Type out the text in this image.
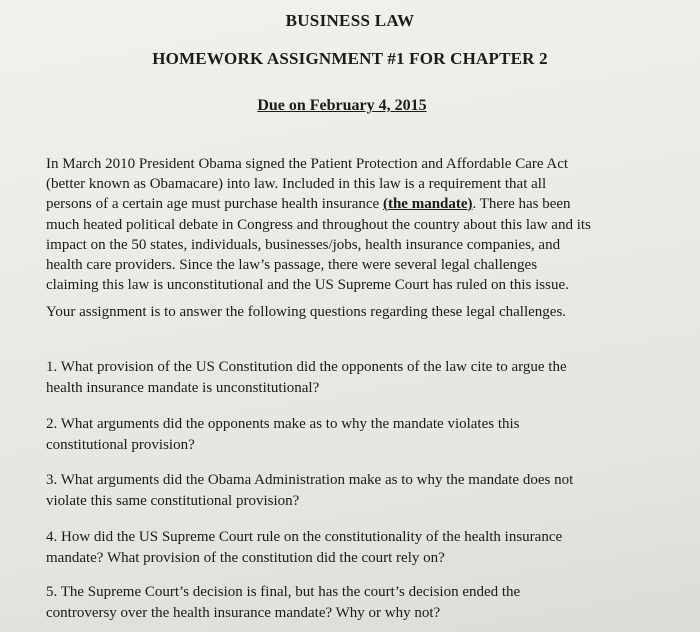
BUSINESS LAW
HOMEWORK ASSIGNMENT #1 FOR CHAPTER 2
Due on February 4, 2015
In March 2010 President Obama signed the Patient Protection and Affordable Care Act
(better known as Obamacare) into law. Included in this law is a requirement that all
persons of a certain age must purchase health insurance (the mandate). There has been
much heated political debate in Congress and throughout the country about this law and its
impact on the 50 states, individuals, businesses/jobs, health insurance companies, and
health care providers. Since the law’s passage, there were several legal challenges
claiming this law is unconstitutional and the US Supreme Court has ruled on this issue.
Your assignment is to answer the following questions regarding these legal challenges.
1. What provision of the US Constitution did the opponents of the law cite to argue the
health insurance mandate is unconstitutional?
2. What arguments did the opponents make as to why the mandate violates this
constitutional provision?
3. What arguments did the Obama Administration make as to why the mandate does not
violate this same constitutional provision?
4. How did the US Supreme Court rule on the constitutionality of the health insurance
mandate? What provision of the constitution did the court rely on?
5. The Supreme Court’s decision is final, but has the court’s decision ended the
controversy over the health insurance mandate? Why or why not?
